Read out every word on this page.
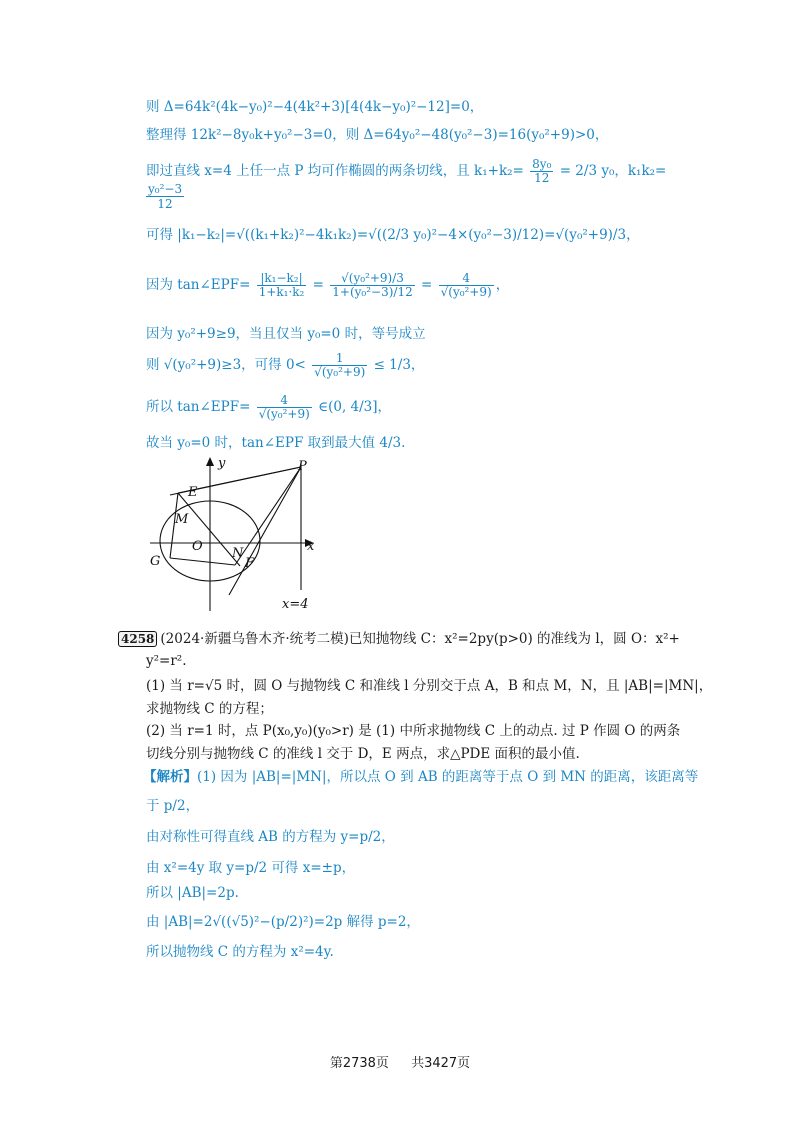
则 Δ=64k²(4k−y₀)²−4(4k²+3)[4(4k−y₀)²−12]=0，
整理得 12k²−8y₀k+y₀²−3=0，则 Δ=64y₀²−48(y₀²−3)=16(y₀²+9)>0，
即过直线 x=4 上任一点 P 均可作椭圆的两条切线，且 $k_1+k_2= \frac{\text{8y₀}}{12} = 2/3$ y₀，k₁k₂=
y₀²−3
12
可得 |k₁−k₂|=√((k₁+k₂)²−4k₁k₂)=√((2/3 y₀)²−4×(y₀²−3)/12)=√(y₀²+9)/3，
因为 tan∠EPF= $\frac{\text{|k₁−k₂|}}{\text{1+k₁·k₂}} = \frac{\text{√(y₀²+9)/3}}{\text{1+(y₀²−3)/12}} = \frac{4}{\text{√(y₀²+9)}}$ ，
因为 y₀²+9≥9，当且仅当 y₀=0 时，等号成立
则 √(y₀²+9)≥3，可得 $0< \frac{1}{\text{√(y₀²+9)}} \le 1/3$，
所以 tan∠EPF= $\frac{4}{\text{√(y₀²+9)}}$ ∈(0, 4/3]，
故当 y₀=0 时，tan∠EPF 取到最大值 4/3.
P
E
M
O N
F
G
y
x
x=4
4258 (2024·新疆乌鲁木齐·统考二模)已知抛物线 C：x²=2py(p>0) 的准线为 l，圆 O：x²+
y²=r².
(1) 当 r=√5 时，圆 O 与抛物线 C 和准线 l 分别交于点 A，B 和点 M，N，且 |AB|=|MN|，
求抛物线 C 的方程；
(2) 当 r=1 时，点 P(x₀,y₀)(y₀>r) 是 (1) 中所求抛物线 C 上的动点. 过 P 作圆 O 的两条
切线分别与抛物线 C 的准线 l 交于 D，E 两点，求△PDE 面积的最小值.
【解析】(1) 因为 |AB|=|MN|，所以点 O 到 AB 的距离等于点 O 到 MN 的距离，该距离等
于 p/2，
由对称性可得直线 AB 的方程为 y=p/2，
由 x²=4y 取 y=p/2 可得 x=±p，
所以 |AB|=2p.
由 |AB|=2√((√5)²−(p/2)²)=2p 解得 p=2，
所以抛物线 C 的方程为 x²=4y.
第2738页 共3427页
